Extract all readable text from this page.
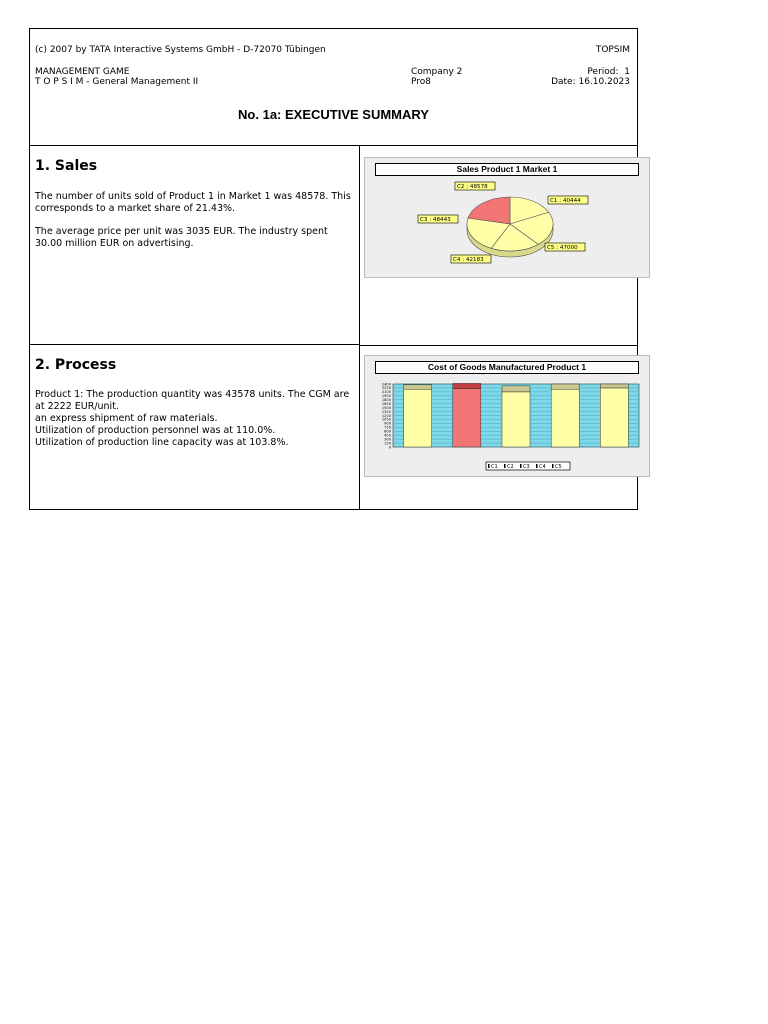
(c) 2007 by TATA Interactive Systems GmbH - D-72070 Tübingen	TOPSIM
MANAGEMENT GAME
T O P S I M - General Management II
Company 2
Pro8
Period: 1
Date: 16.10.2023
No. 1a: EXECUTIVE SUMMARY
1. Sales
The number of units sold of Product 1 in Market 1 was 48578. This corresponds to a market share of 21.43%.
The average price per unit was 3035 EUR. The industry spent 30.00 million EUR on advertising.
2. Process
Product 1: The production quantity was 43578 units. The CGM are at 2222 EUR/unit.
an express shipment of raw materials.
Utilization of production personnel was at 110.0%.
Utilization of production line capacity was at 103.8%.
Sales Product 1 Market 1
C1 : 40444
C2 : 48578
C3 : 48443
C4 : 42183
C5 : 47000
Cost of Goods Manufactured Product 1
0
150
300
450
600
750
900
1050
1200
1350
1500
1650
1800
1950
2100
2250
2400
C1 C2 C3 C4 C5
